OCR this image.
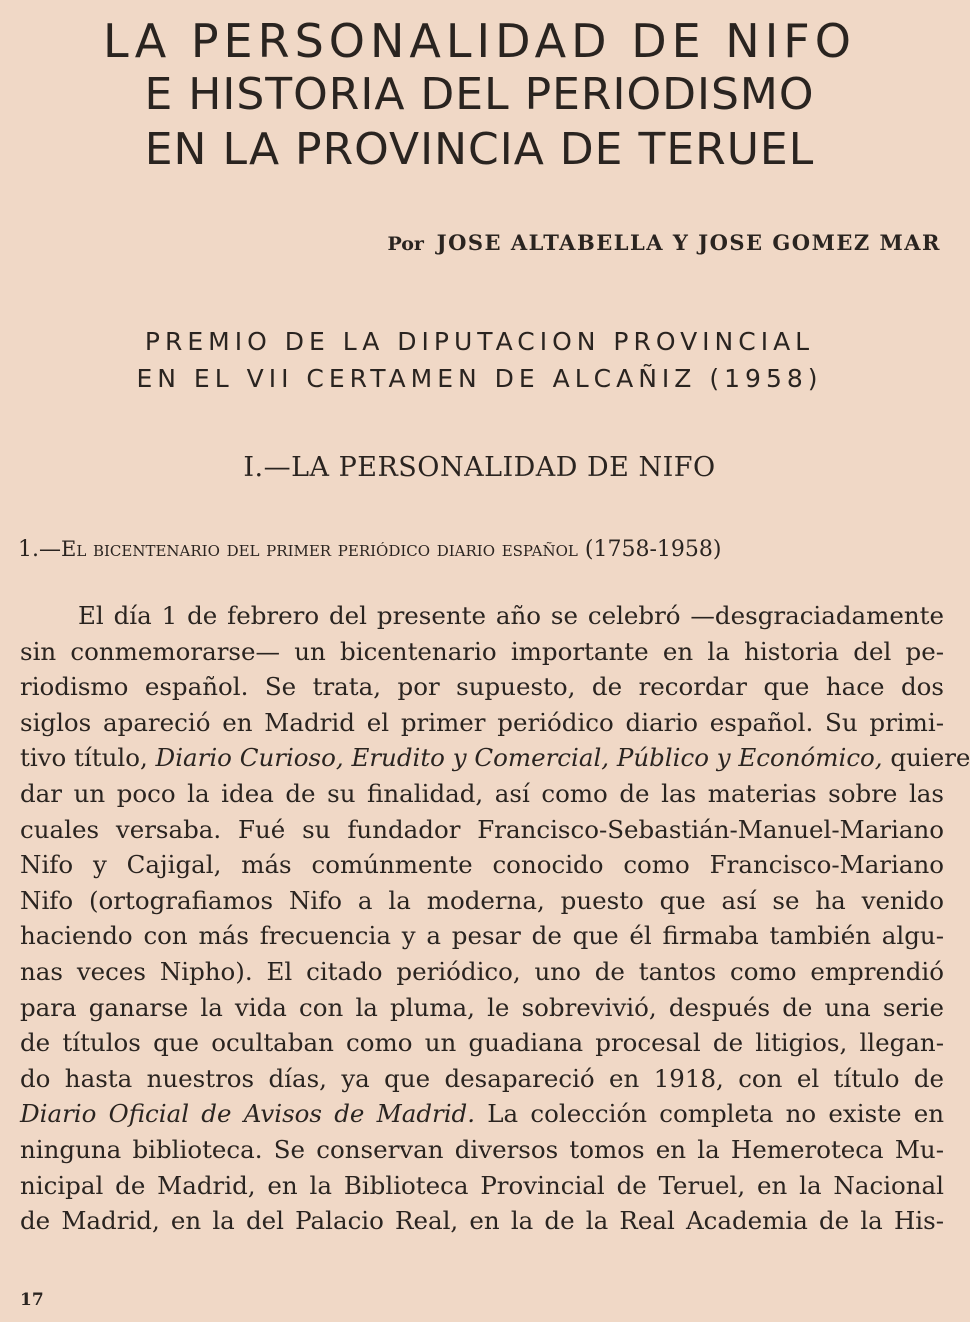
LA PERSONALIDAD DE NIFO
E HISTORIA DEL PERIODISMO
EN LA PROVINCIA DE TERUEL
Por JOSE ALTABELLA Y JOSE GOMEZ MAR
PREMIO DE LA DIPUTACION PROVINCIAL
EN EL VII CERTAMEN DE ALCAÑIZ (1958)
I.—LA PERSONALIDAD DE NIFO
1.—El bicentenario del primer periódico diario español (1758-1958)
El día 1 de febrero del presente año se celebró —desgraciadamente
sin conmemorarse— un bicentenario importante en la historia del pe-
riodismo español. Se trata, por supuesto, de recordar que hace dos
siglos apareció en Madrid el primer periódico diario español. Su primi-
tivo título, Diario Curioso, Erudito y Comercial, Público y Económico, quiere
dar un poco la idea de su finalidad, así como de las materias sobre las
cuales versaba. Fué su fundador Francisco-Sebastián-Manuel-Mariano
Nifo y Cajigal, más comúnmente conocido como Francisco-Mariano
Nifo (ortografiamos Nifo a la moderna, puesto que así se ha venido
haciendo con más frecuencia y a pesar de que él firmaba también algu-
nas veces Nipho). El citado periódico, uno de tantos como emprendió
para ganarse la vida con la pluma, le sobrevivió, después de una serie
de títulos que ocultaban como un guadiana procesal de litigios, llegan-
do hasta nuestros días, ya que desapareció en 1918, con el título de
Diario Oficial de Avisos de Madrid. La colección completa no existe en
ninguna biblioteca. Se conservan diversos tomos en la Hemeroteca Mu-
nicipal de Madrid, en la Biblioteca Provincial de Teruel, en la Nacional
de Madrid, en la del Palacio Real, en la de la Real Academia de la His-
17
